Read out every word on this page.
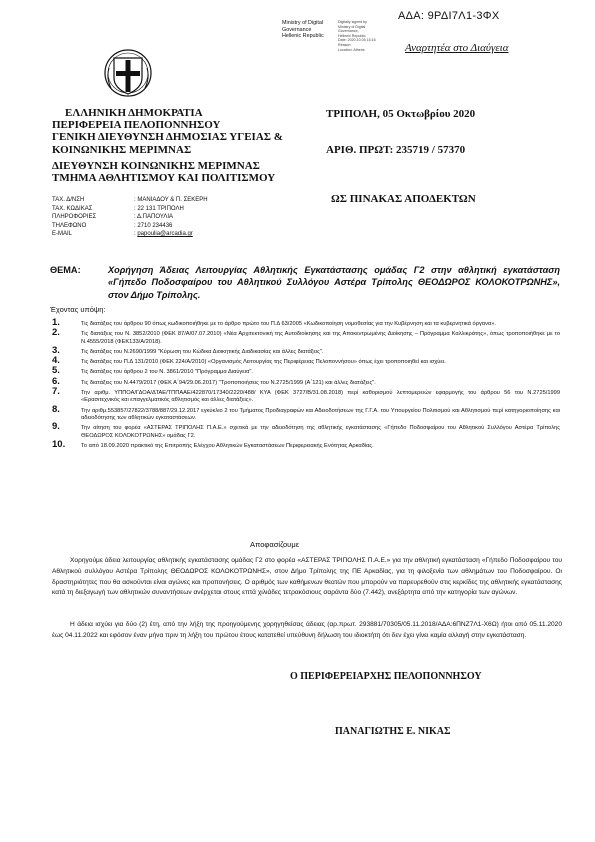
ΑΔΑ: 9ΡΔΙ7Λ1-3ΦΧ
Ministry of Digital
Governance
Hellenic Republic
Digitally signed by
Ministry of Digital
Governance,
Hellenic Republic
Date: 2020.10.05 15:16
Reason:
Location: Athens	Αναρτητέα στο Διαύγεια
ΕΛΛΗΝΙΚΗ ΔΗΜΟΚΡΑΤΙΑ
ΠΕΡΙΦΕΡΕΙΑ ΠΕΛΟΠΟΝΝΗΣΟΥ
ΓΕΝΙΚΗ ΔΙΕΥΘΥΝΣΗ ΔΗΜΟΣΙΑΣ ΥΓΕΙΑΣ &
ΚΟΙΝΩΝΙΚΗΣ ΜΕΡΙΜΝΑΣ
ΔΙΕΥΘΥΝΣΗ ΚΟΙΝΩΝΙΚΗΣ ΜΕΡΙΜΝΑΣ
ΤΜΗΜΑ ΑΘΛΗΤΙΣΜΟΥ ΚΑΙ ΠΟΛΙΤΙΣΜΟΥ
ΤΡΙΠΟΛΗ, 05 Οκτωβρίου 2020
ΑΡΙΘ. ΠΡΩΤ: 235719 / 57370
ΩΣ ΠΙΝΑΚΑΣ ΑΠΟΔΕΚΤΩΝ
ΤΑΧ. Δ/ΝΣΗ	: ΜΑΝΙΑΔΟΥ & Π. ΣΕΚΕΡΗ
ΤΑΧ. ΚΩΔΙΚΑΣ	: 22 131 ΤΡΙΠΟΛΗ
ΠΛΗΡΟΦΟΡΙΕΣ	: Δ.ΠΑΠΟΥΛΙΑ
ΤΗΛΕΦΩΝΟ	: 2710 234436
E-MAIL	: papoulia@arcadia.gr
ΘΕΜΑ:	Χορήγηση Άδειας Λειτουργίας Αθλητικής Εγκατάστασης ομάδας Γ2 στην αθλητική εγκατάσταση «Γήπεδο Ποδοσφαίρου του Αθλητικού Συλλόγου Αστέρα Τρίπολης ΘΕΟΔΩΡΟΣ ΚΟΛΟΚΟΤΡΩΝΗΣ», στον Δήμο Τρίπολης.
Έχοντας υπόψη:
1.	Τις διατάξεις του άρθρου 90 όπως κωδικοποιήθηκε με το άρθρο πρώτο του Π.Δ 63/2005 «Κωδικοποίηση νομοθεσίας για την Κυβέρνηση και τα κυβερνητικά όργανα».
2.	Τις διατάξεις του Ν. 3852/2010 (ΦΕΚ 87/Α/07.07.2010) «Νέα Αρχιτεκτονική της Αυτοδιοίκησης και της Αποκεντρωμένης Διοίκησης – Πρόγραμμα Καλλικράτης», όπως τροποποιήθηκε με το Ν.4555/2018 (ΦΕΚ133/Α/2018).
3.	Τις διατάξεις του Ν.2690/1999 "Κύρωση του Κώδικα Διοικητικής Διαδικασίας και άλλες διατάξεις".
4.	Τις διατάξεις του Π.Δ 131/2010 (ΦΕΚ 224/Α/2010) «Οργανισμός Λειτουργίας της Περιφέρειας Πελοποννήσου» όπως έχει τροποποιηθεί και ισχύει.
5.	Τις διατάξεις του άρθρου 2 του Ν. 3861/2010 "Πρόγραμμα Διαύγεια".
6.	Τις διατάξεις του Ν.4479/2017 (ΦΕΚ Α΄94/29.06.2017) "Τροποποιήσεις του Ν.2725/1999 (Α΄121) και άλλες διατάξεις".
7.	Την αριθμ. ΥΠΠΟΑ/ΓΔΟΑ/ΔΤΑΕ/ΤΠΠΑΑΕ/422870/17340/2220/488/ ΚΥΑ (ΦΕΚ 3727/Β/31.08.2018) περί καθορισμού λεπτομερειών εφαρμογής του άρθρου 56 του Ν.2725/1999 «Ερασιτεχνικός και επαγγελματικός αθλητισμός και άλλες διατάξεις».
8.	Την αριθμ.553857/27822/3788/887/29.12.2017 εγκύκλιο 2 του Τμήματος Προδιαγραφών και Αδειοδοτήσεων της Γ.Γ.Α. του Υπουργείου Πολιτισμού και Αθλητισμού περί κατηγοριοποίησης και αδειοδότησης των αθλητικών εγκαταστάσεων.
9.	Την αίτηση του φορέα «ΑΣΤΕΡΑΣ ΤΡΙΠΟΛΗΣ Π.Α.Ε.» σχετικά με την αδειοδότηση της αθλητικής εγκατάστασης «Γήπεδο Ποδοσφαίρου του Αθλητικού Συλλόγου Αστέρα Τρίπολης ΘΕΟΔΩΡΟΣ ΚΟΛΟΚΟΤΡΩΝΗΣ» ομάδας Γ2.
10.	Το από 18.09.2020 πρακτικό της Επιτροπής Ελέγχου Αθλητικών Εγκαταστάσεων Περιφερειακής Ενότητας Αρκαδίας.
Αποφασίζουμε
Χορηγούμε άδεια λειτουργίας αθλητικής εγκατάστασης ομάδας Γ2 στο φορέα «ΑΣΤΕΡΑΣ ΤΡΙΠΟΛΗΣ Π.Α.Ε.» για την αθλητική εγκατάσταση «Γήπεδο Ποδοσφαίρου του Αθλητικού συλλόγου Αστέρα Τρίπολης ΘΕΟΔΩΡΟΣ ΚΟΛΟΚΟΤΡΩΝΗΣ», στον Δήμο Τρίπολης της ΠΕ Αρκαδίας, για τη φιλοξενία των αθλημάτων του Ποδοσφαίρου. Οι δραστηριότητες που θα ασκούνται είναι αγώνες και προπονήσεις. Ο αριθμός των καθήμενων θεατών που μπορούν να παρευρεθούν στις κερκίδες της αθλητικής εγκατάστασης κατά τη διεξαγωγή των αθλητικών συναντήσεων ανέρχεται στους επτά χιλιάδες τετρακόσιους σαράντα δύο (7.442), ανεξάρτητα από την κατηγορία των αγώνων.
Η άδεια ισχύει για δύο (2) έτη, από την λήξη της προηγούμενης χορηγηθείσας άδειας (αρ.πρωτ. 293881/70305/05.11.2018/ΑΔΑ:6ΠΝΖ7Λ1-Χ6Ω) ήτοι από 05.11.2020 έως 04.11.2022 και εφόσον έναν μήνα πριν τη λήξη του πρώτου έτους κατατεθεί υπεύθυνη δήλωση του ιδιοκτήτη ότι δεν έχει γίνει καμία αλλαγή στην εγκατάσταση.
Ο ΠΕΡΙΦΕΡΕΙΑΡΧΗΣ ΠΕΛΟΠΟΝΝΗΣΟΥ
ΠΑΝΑΓΙΩΤΗΣ Ε. ΝΙΚΑΣ
